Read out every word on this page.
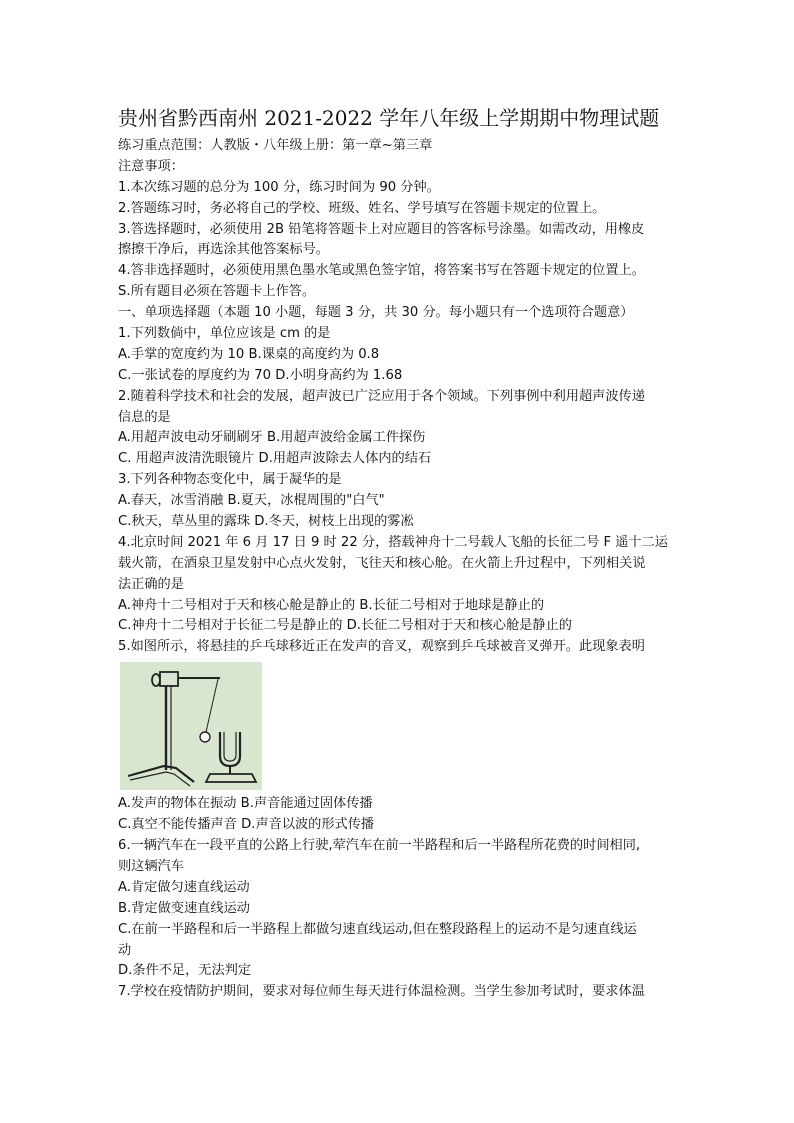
贵州省黔西南州 2021-2022 学年八年级上学期期中物理试题
练习重点范围：人教版・八年级上册：第一章~第三章
注意事项：
1.本次练习题的总分为 100 分，练习时间为 90 分钟。
2.答题练习时，务必将自己的学校、班级、姓名、学号填写在答题卡规定的位置上。
3.答选择题时，必须使用 2B 铅笔将答题卡上对应题目的答客标号涂墨。如需改动，用橡皮
擦擦干净后，再选涂其他答案标号。
4.答非选择题时，必须使用黑色墨水笔或黑色签字馆，将答案书写在答题卡规定的位置上。
S.所有题目必须在答题卡上作答。
一、单项选择题（本题 10 小题，每题 3 分，共 30 分。每小题只有一个选项符合题意）
1.下列数倘中，单位应该是 cm 的是
A.手掌的宽度约为 10 B.课桌的高度约为 0.8
C.一张试卷的厚度约为 70 D.小明身高约为 1.68
2.随着科学技术和社会的发展，超声波已广泛应用于各个领域。下列事例中利用超声波传递
信息的是
A.用超声波电动牙刷刷牙 B.用超声波给金属工件探伤
C. 用超声波清洗眼镜片 D.用超声波除去人体内的结石
3.下列各种物态变化中，属于凝华的是
A.春天，冰雪消融 B.夏天，冰棍周围的"白气"
C.秋天，草丛里的露珠 D.冬天，树枝上出现的雾凇
4.北京时间 2021 年 6 月 17 日 9 时 22 分，搭载神舟十二号载人飞船的长征二号 F 遥十二运
载火箭，在酒泉卫星发射中心点火发射，飞往天和核心舱。在火箭上升过程中，下列相关说
法正确的是
A.神舟十二号相对于天和核心舱是静止的 B.长征二号相对于地球是静止的
C.神舟十二号相对于长征二号是静止的 D.长征二号相对于天和核心舱是静止的
5.如图所示，将悬挂的乒乓球移近正在发声的音叉，观察到乒乓球被音叉弹开。此现象表明
A.发声的物体在振动 B.声音能通过固体传播
C.真空不能传播声音 D.声音以波的形式传播
6.一辆汽车在一段平直的公路上行驶,荤汽车在前一半路程和后一半路程所花费的时间相同,
则这辆汽车
A.肯定做匀速直线运动
B.背定做变速直线运动
C.在前一半路程和后一半路程上都做匀速直线运动,但在整段路程上的运动不是匀速直线运
动
D.条件不足，无法判定
7.学校在疫情防护期间，要求对每位师生每天进行体温检测。当学生参加考试时，要求体温
